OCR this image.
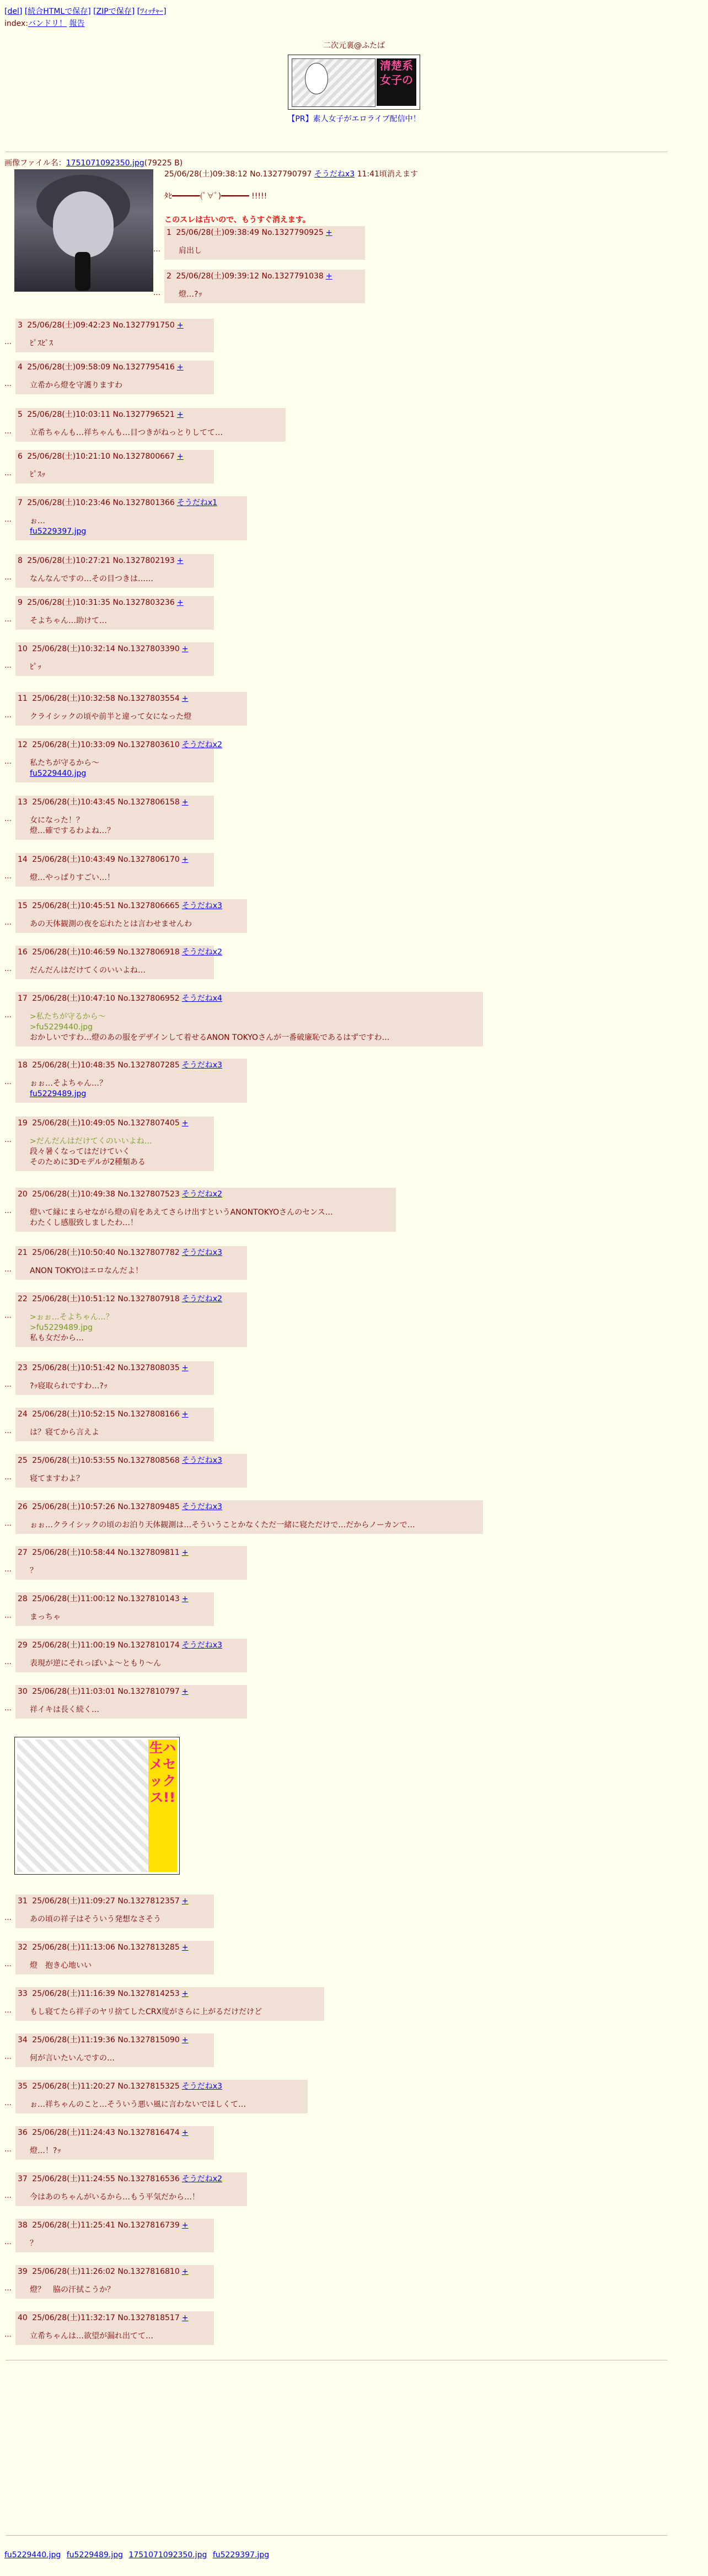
[del] [続合HTMLで保存] [ZIPで保存] [ﾂｨｯﾁｬｰ]
index:バンドリ！ 報告
二次元裏@ふたば
清楚系女子の
【PR】素人女子がエロライブ配信中！
画像ファイル名：1751071092350.jpg(79225 B)
25/06/28(土)09:38:12 No.1327790797 そうだねx3 11:41頃消えます
ﾀﾋ━━━━━━(ﾟ∀ﾟ)━━━━━━ !!!!!
このスレは古いので、もうすぐ消えます。
…
1 25/06/28(土)09:38:49 No.1327790925 +
肩出し
…
2 25/06/28(土)09:39:12 No.1327791038 +
燈…?ｯ
…
3 25/06/28(土)09:42:23 No.1327791750 +
ﾋﾟｽﾋﾟｽ
…
4 25/06/28(土)09:58:09 No.1327795416 +
立希から燈を守護りますわ
…
5 25/06/28(土)10:03:11 No.1327796521 +
立希ちゃんも…祥ちゃんも…目つきがねっとりしてて…
…
6 25/06/28(土)10:21:10 No.1327800667 +
ﾋﾟｽｯ
…
7 25/06/28(土)10:23:46 No.1327801366 そうだねx1
ぉ…
fu5229397.jpg
…
8 25/06/28(土)10:27:21 No.1327802193 +
なんなんですの…その目つきは……
…
9 25/06/28(土)10:31:35 No.1327803236 +
そよちゃん…助けて…
…
10 25/06/28(土)10:32:14 No.1327803390 +
ﾋﾟｯ
…
11 25/06/28(土)10:32:58 No.1327803554 +
クライシックの頃や前半と違って女になった燈
…
12 25/06/28(土)10:33:09 No.1327803610 そうだねx2
私たちが守るから〜
fu5229440.jpg
…
13 25/06/28(土)10:43:45 No.1327806158 +
女になった！？
燈…確でするわよね…？
…
14 25/06/28(土)10:43:49 No.1327806170 +
燈…やっぱりすごい…！
…
15 25/06/28(土)10:45:51 No.1327806665 そうだねx3
あの天体観測の夜を忘れたとは言わせませんわ
…
16 25/06/28(土)10:46:59 No.1327806918 そうだねx2
だんだんはだけてくのいいよね…
…
17 25/06/28(土)10:47:10 No.1327806952 そうだねx4
>私たちが守るから〜
>fu5229440.jpg
おかしいですわ…燈のあの服をデザインして着せるANON TOKYOさんが一番破廉恥であるはずですわ…
…
18 25/06/28(土)10:48:35 No.1327807285 そうだねx3
ぉぉ…そよちゃん…？
fu5229489.jpg
…
19 25/06/28(土)10:49:05 No.1327807405 +
>だんだんはだけてくのいいよね…
段々暑くなってはだけていく
そのために3Dモデルが2種類ある
…
20 25/06/28(土)10:49:38 No.1327807523 そうだねx2
燈いて縁にまらせながら燈の肩をあえてさらけ出すというANONTOKYOさんのセンス…
わたくし感服致しましたわ…！
…
21 25/06/28(土)10:50:40 No.1327807782 そうだねx3
ANON TOKYOはエロなんだよ！
…
22 25/06/28(土)10:51:12 No.1327807918 そうだねx2
>ぉぉ…そよちゃん…？
>fu5229489.jpg
私も女だから…
…
23 25/06/28(土)10:51:42 No.1327808035 +
?ｯ寝取られですわ…?ｯ
…
24 25/06/28(土)10:52:15 No.1327808166 +
は？寝てから言えよ
…
25 25/06/28(土)10:53:55 No.1327808568 そうだねx3
寝てますわよ？
…
26 25/06/28(土)10:57:26 No.1327809485 そうだねx3
ぉぉ…クライシックの頃のお泊り天体観測は…そういうことかなくただ一緒に寝ただけで…だからノーカンで…
…
27 25/06/28(土)10:58:44 No.1327809811 +
？
…
28 25/06/28(土)11:00:12 No.1327810143 +
まっちゃ
…
29 25/06/28(土)11:00:19 No.1327810174 そうだねx3
表現が逆にそれっぽいよ〜ともり〜ん
…
30 25/06/28(土)11:03:01 No.1327810797 +
祥イキは長く続く…
…
31 25/06/28(土)11:09:27 No.1327812357 +
あの頃の祥子はそういう発想なさそう
…
32 25/06/28(土)11:13:06 No.1327813285 +
燈　抱き心地いい
…
33 25/06/28(土)11:16:39 No.1327814253 +
もし寝てたら祥子のヤリ捨てしたCRX度がさらに上がるだけだけど
…
34 25/06/28(土)11:19:36 No.1327815090 +
何が言いたいんですの…
…
35 25/06/28(土)11:20:27 No.1327815325 そうだねx3
ぉ…祥ちゃんのこと…そういう悪い風に言わないでほしくて…
…
36 25/06/28(土)11:24:43 No.1327816474 +
燈…！?ｯ
…
37 25/06/28(土)11:24:55 No.1327816536 そうだねx2
今はあのちゃんがいるから…もう平気だから…！
…
38 25/06/28(土)11:25:41 No.1327816739 +
？
…
39 25/06/28(土)11:26:02 No.1327816810 +
燈？　脇の汗拭こうか？
…
40 25/06/28(土)11:32:17 No.1327818517 +
立希ちゃんは…欲望が漏れ出てて…
生ハメセックス!!
fu5229440.jpg fu5229489.jpg 1751071092350.jpg fu5229397.jpg
